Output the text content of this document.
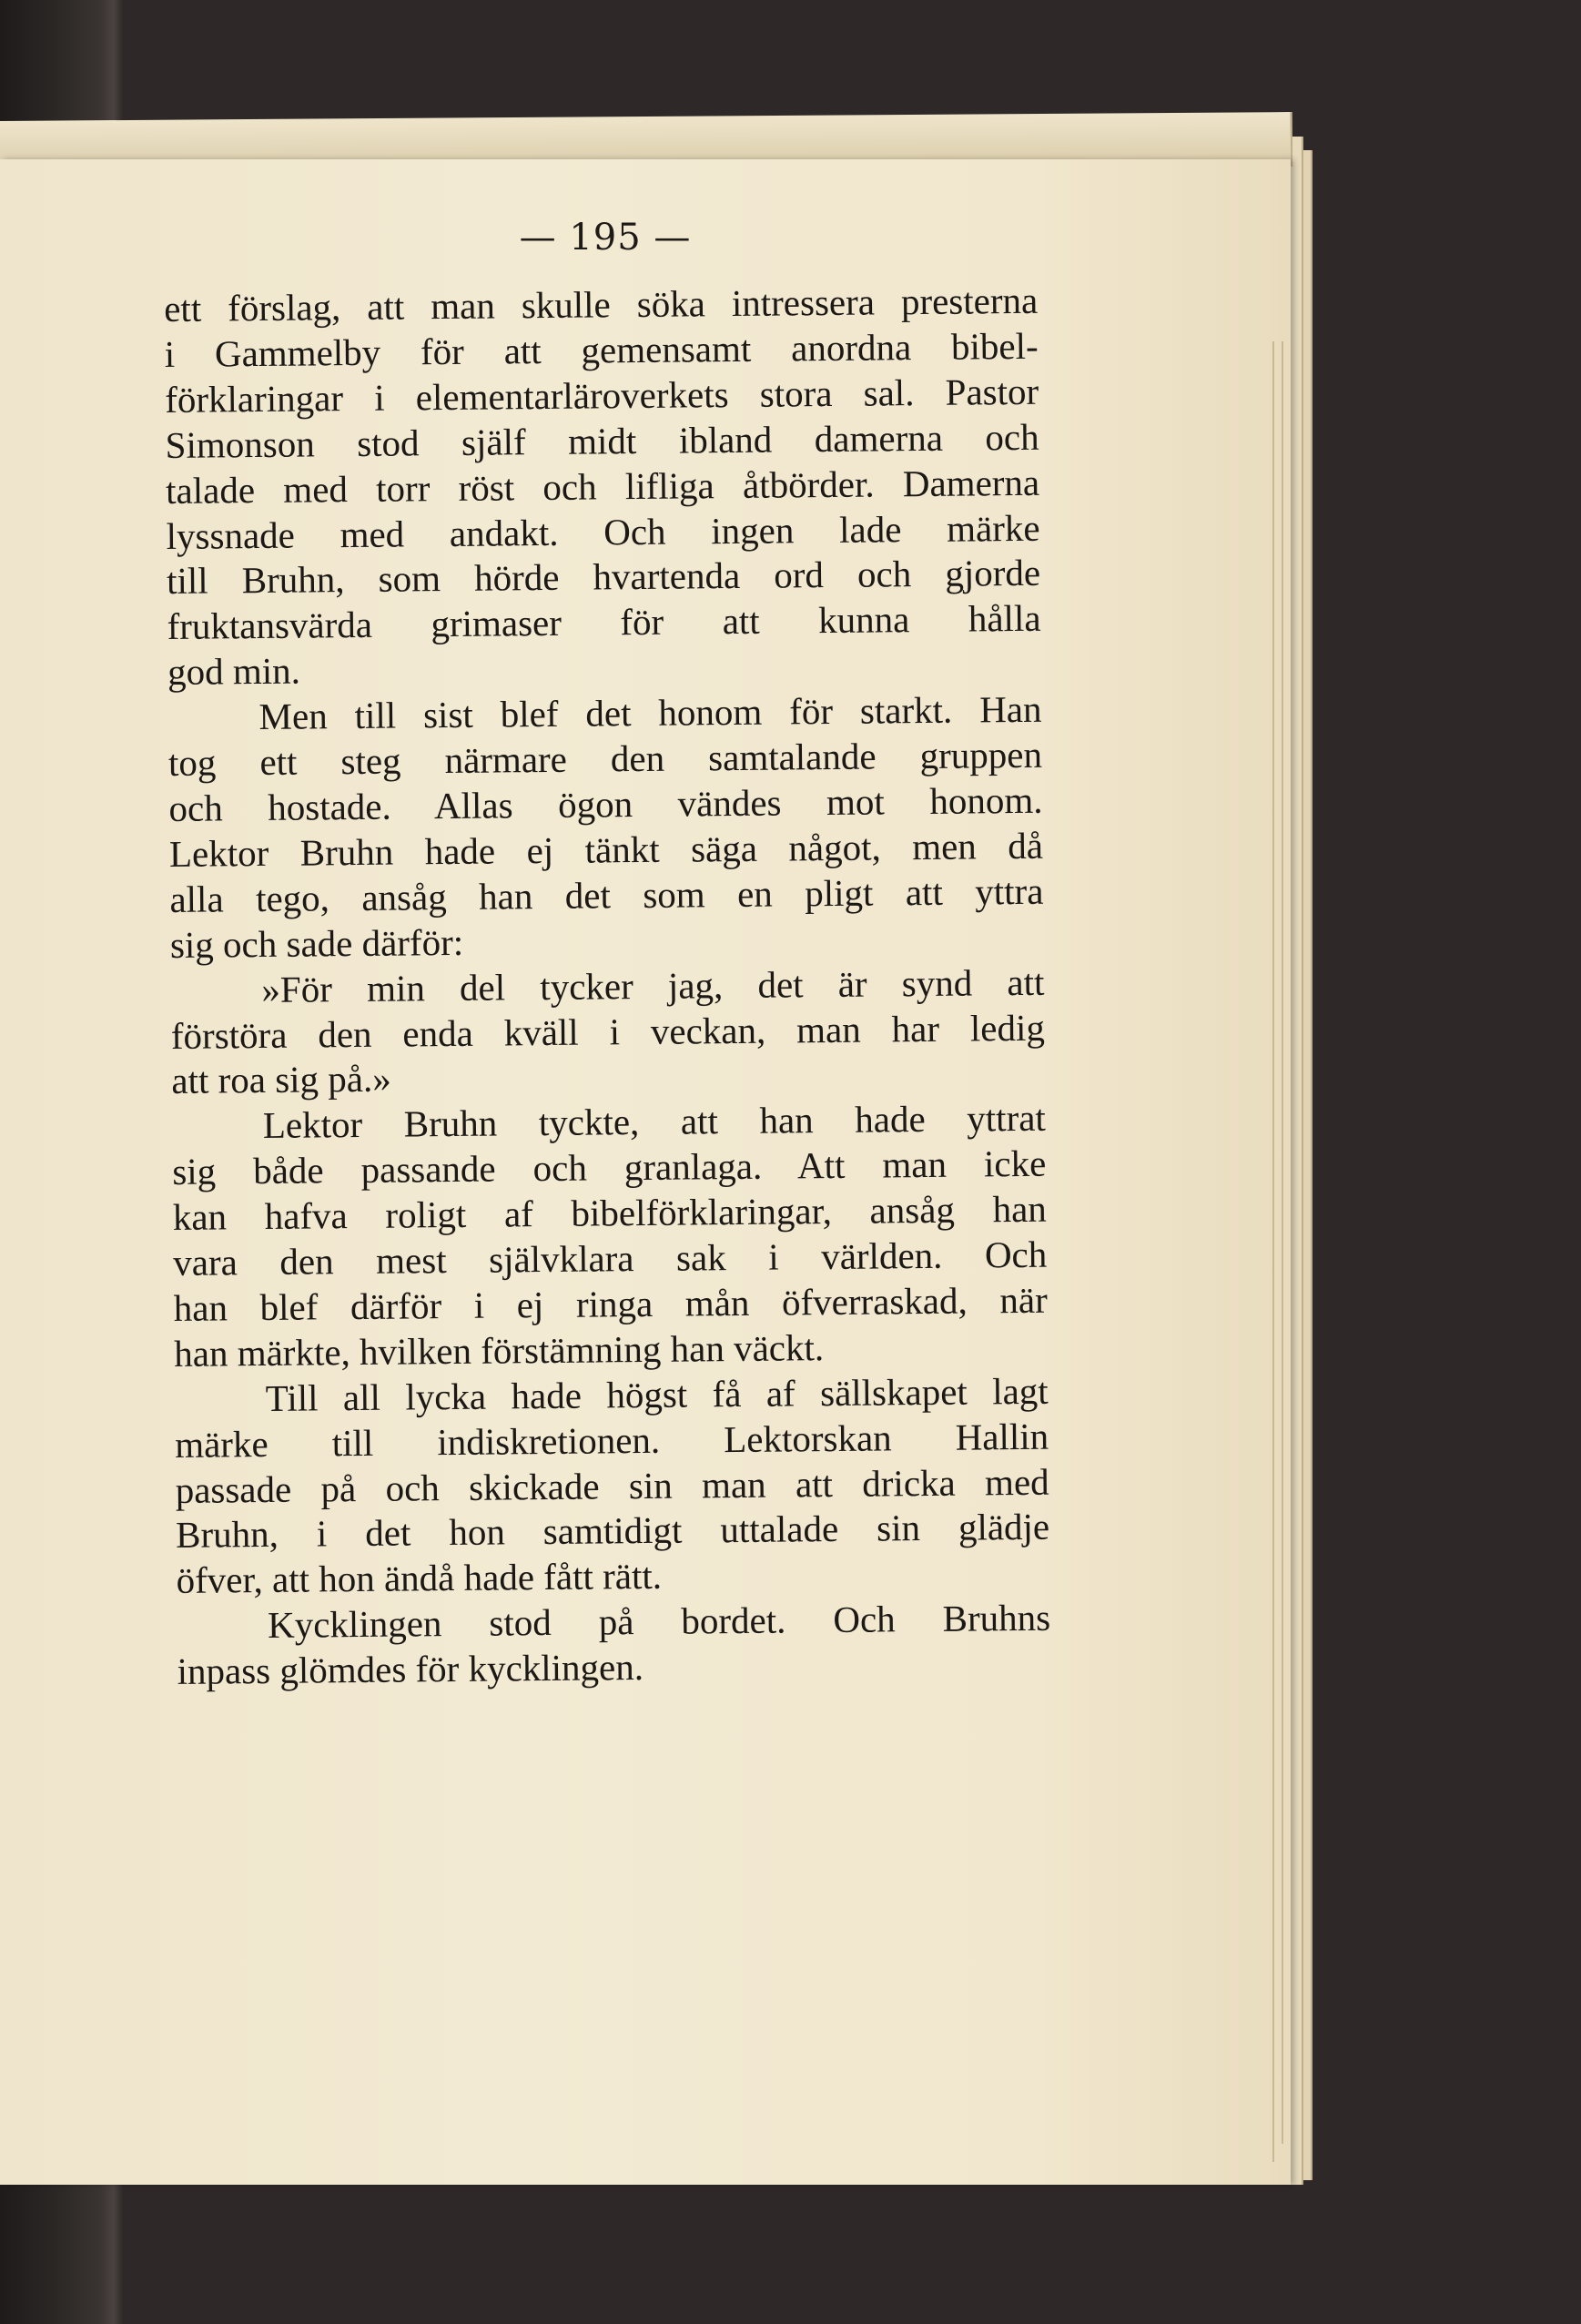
— 195 —
ett förslag, att man skulle söka intressera presterna
i Gammelby för att gemensamt anordna bibel-
förklaringar i elementarläroverkets stora sal. Pastor
Simonson stod själf midt ibland damerna och
talade med torr röst och lifliga åtbörder. Damerna
lyssnade med andakt. Och ingen lade märke
till Bruhn, som hörde hvartenda ord och gjorde
fruktansvärda grimaser för att kunna hålla
god min.
Men till sist blef det honom för starkt. Han
tog ett steg närmare den samtalande gruppen
och hostade. Allas ögon vändes mot honom.
Lektor Bruhn hade ej tänkt säga något, men då
alla tego, ansåg han det som en pligt att yttra
sig och sade därför:
»För min del tycker jag, det är synd att
förstöra den enda kväll i veckan, man har ledig
att roa sig på.»
Lektor Bruhn tyckte, att han hade yttrat
sig både passande och granlaga. Att man icke
kan hafva roligt af bibelförklaringar, ansåg han
vara den mest självklara sak i världen. Och
han blef därför i ej ringa mån öfverraskad, när
han märkte, hvilken förstämning han väckt.
Till all lycka hade högst få af sällskapet lagt
märke till indiskretionen. Lektorskan Hallin
passade på och skickade sin man att dricka med
Bruhn, i det hon samtidigt uttalade sin glädje
öfver, att hon ändå hade fått rätt.
Kycklingen stod på bordet. Och Bruhns
inpass glömdes för kycklingen.
